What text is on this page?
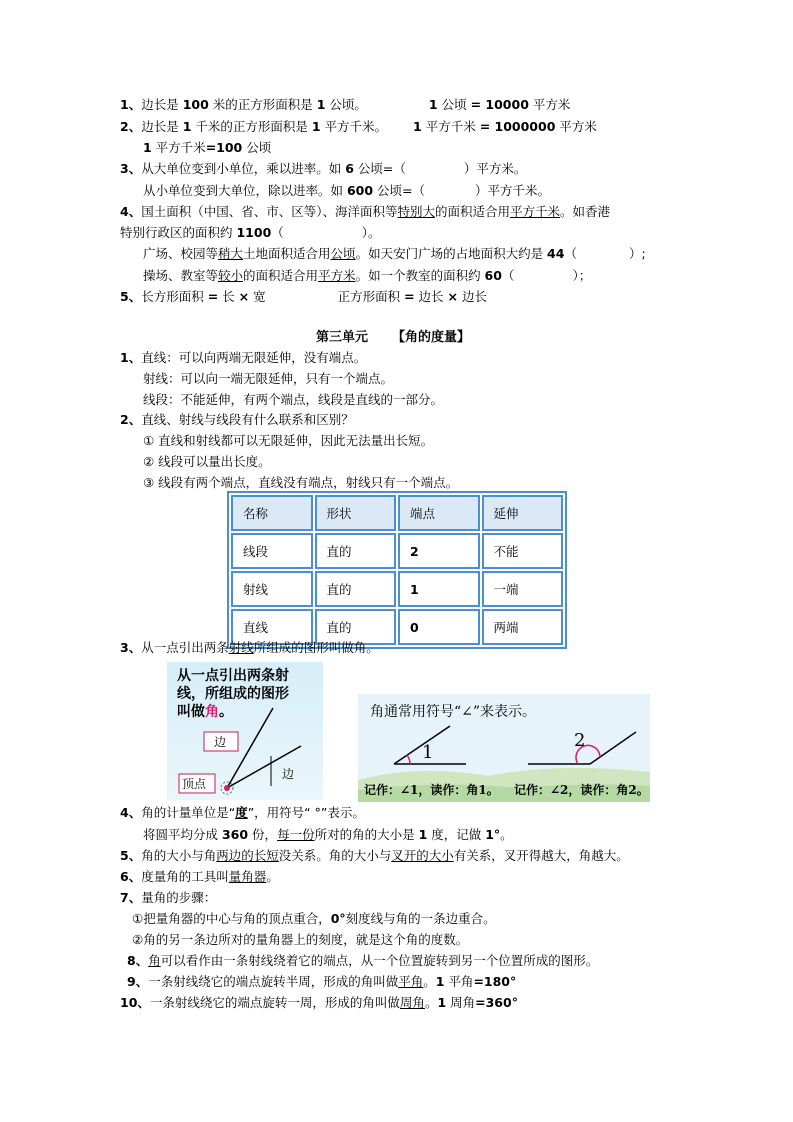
1、边长是 100 米的正方形面积是 1 公顷。	1 公顷 = 10000 平方米
2、边长是 1 千米的正方形面积是 1 平方千米。 1 平方千米 = 1000000 平方米
1 平方千米=100 公顷
3、从大单位变到小单位，乘以进率。如 6 公顷=（	）平方米。
从小单位变到大单位，除以进率。如 600 公顷=（	）平方千米。
4、国土面积（中国、省、市、区等）、海洋面积等特别大的面积适合用平方千米。如香港
特别行政区的面积约 1100（	）。
广场、校园等稍大土地面积适合用公顷。如天安门广场的占地面积大约是 44（	）;
操场、教室等较小的面积适合用平方米。如一个教室的面积约 60（	）；
5、长方形面积 = 长 × 宽	正方形面积 = 边长 × 边长
第三单元 【角的度量】
1、直线：可以向两端无限延伸，没有端点。
射线：可以向一端无限延伸，只有一个端点。
线段：不能延伸，有两个端点，线段是直线的一部分。
2、直线、射线与线段有什么联系和区别？
① 直线和射线都可以无限延伸，因此无法量出长短。
② 线段可以量出长度。
③ 线段有两个端点，直线没有端点，射线只有一个端点。
名称	形状	端点	延伸
线段	直的	2	不能
射线	直的	1	一端
直线	直的	0	两端
3、从一点引出两条射线所组成的图形叫做角。
从一点引出两条射
线，所组成的图形
叫做角。
边
边
顶点
角通常用符号“∠”来表示。
1
2
记作：∠1，读作：角1。 记作：∠2，读作：角2。
4、角的计量单位是“度”，用符号“ °”表示。
将圆平均分成 360 份，每一份所对的角的大小是 1 度，记做 1°。
5、角的大小与角两边的长短没关系。角的大小与叉开的大小有关系，叉开得越大，角越大。
6、度量角的工具叫量角器。
7、量角的步骤：
①把量角器的中心与角的顶点重合，0°刻度线与角的一条边重合。
②角的另一条边所对的量角器上的刻度，就是这个角的度数。
8、角可以看作由一条射线绕着它的端点，从一个位置旋转到另一个位置所成的图形。
9、一条射线绕它的端点旋转半周，形成的角叫做平角。1 平角=180°
10、一条射线绕它的端点旋转一周，形成的角叫做周角。1 周角=360°
